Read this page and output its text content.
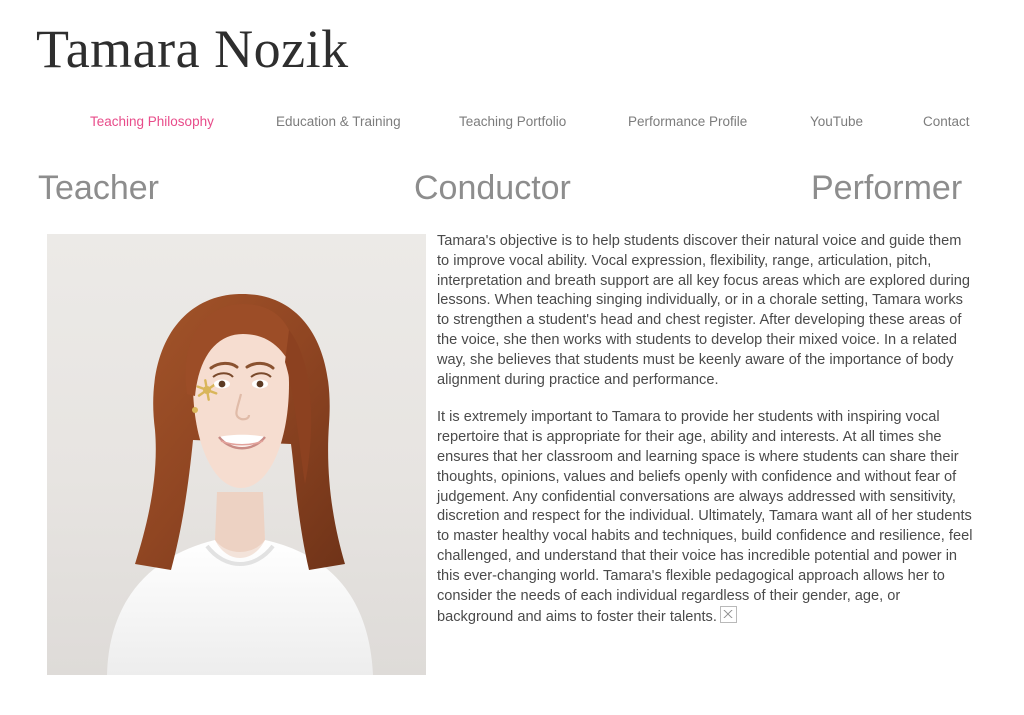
Tamara Nozik
Teaching Philosophy	Education & Training	Teaching Portfolio	Performance Profile	YouTube	Contact
Teacher	Conductor	Performer

Tamara's objective is to help students discover their natural voice and guide them to improve vocal ability. Vocal expression, flexibility, range, articulation, pitch, interpretation and breath support are all key focus areas which are explored during lessons. When teaching singing individually, or in a chorale setting, Tamara works to strengthen a student's head and chest register. After developing these areas of the voice, she then works with students to develop their mixed voice. In a related way, she believes that students must be keenly aware of the importance of body alignment during practice and performance.

It is extremely important to Tamara to provide her students with inspiring vocal repertoire that is appropriate for their age, ability and interests. At all times she ensures that her classroom and learning space is where students can share their thoughts, opinions, values and beliefs openly with confidence and without fear of judgement. Any confidential conversations are always addressed with sensitivity, discretion and respect for the individual. Ultimately, Tamara want all of her students to master healthy vocal habits and techniques, build confidence and resilience, feel challenged, and understand that their voice has incredible potential and power in this ever-changing world. Tamara's flexible pedagogical approach allows her to consider the needs of each individual regardless of their gender, age, or background and aims to foster their talents.
